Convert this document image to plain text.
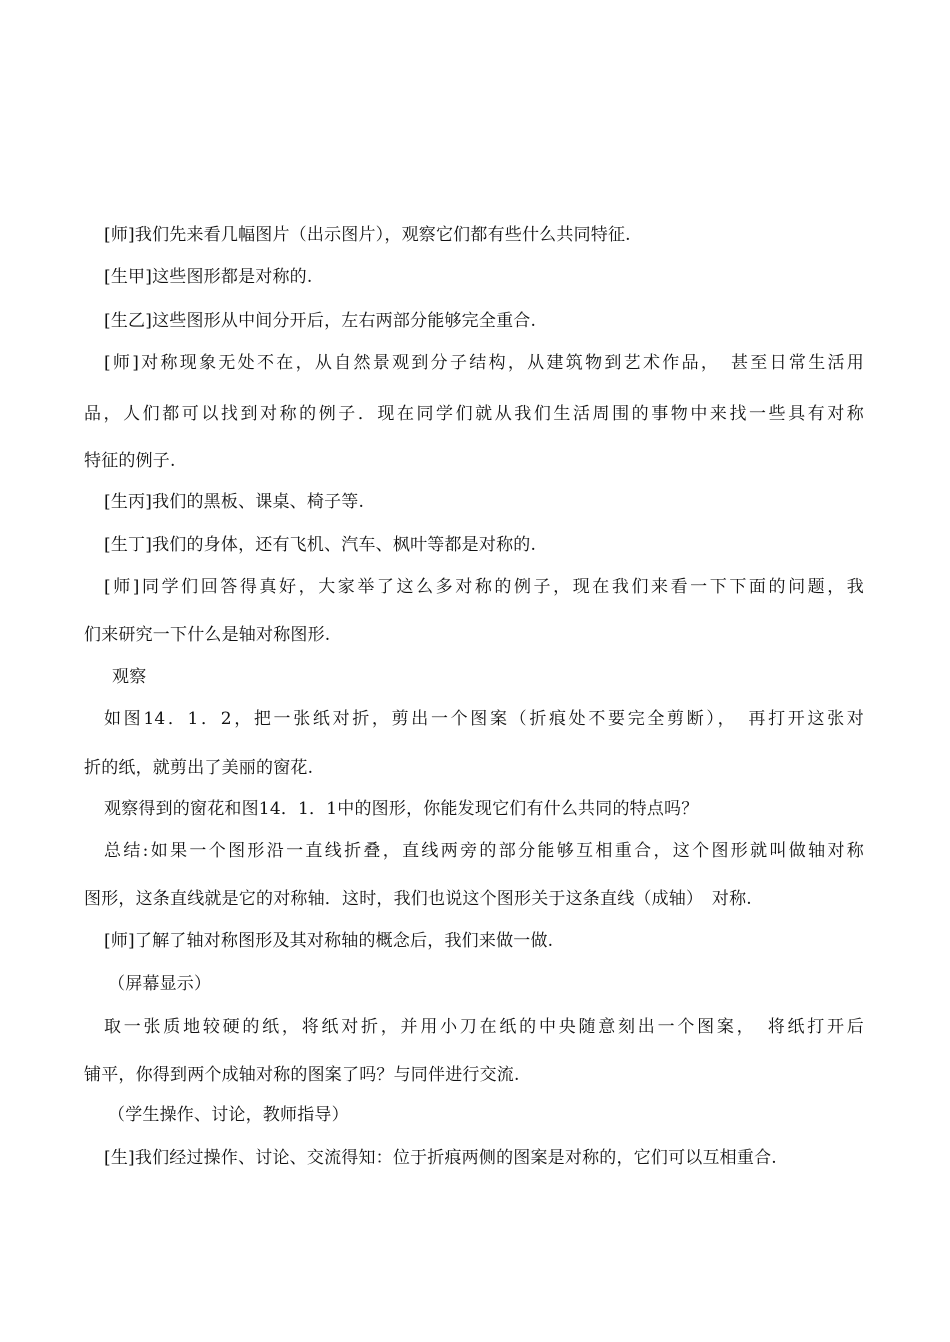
[师]我们先来看几幅图片（出示图片），观察它们都有些什么共同特征.
[生甲]这些图形都是对称的.
[生乙]这些图形从中间分开后，左右两部分能够完全重合.
[师]对称现象无处不在，从自然景观到分子结构，从建筑物到艺术作品，　甚至日常生活用
品，人们都可以找到对称的例子．现在同学们就从我们生活周围的事物中来找一些具有对称
特征的例子.
[生丙]我们的黑板、课桌、椅子等.
[生丁]我们的身体，还有飞机、汽车、枫叶等都是对称的.
[师]同学们回答得真好，大家举了这么多对称的例子，现在我们来看一下下面的问题，我
们来研究一下什么是轴对称图形.
观察
如图14．1．2，把一张纸对折，剪出一个图案（折痕处不要完全剪断），　再打开这张对
折的纸，就剪出了美丽的窗花.
观察得到的窗花和图14．1．1中的图形，你能发现它们有什么共同的特点吗？
总结:如果一个图形沿一直线折叠，直线两旁的部分能够互相重合，这个图形就叫做轴对称
图形，这条直线就是它的对称轴．这时，我们也说这个图形关于这条直线（成轴）　对称.
[师]了解了轴对称图形及其对称轴的概念后，我们来做一做.
（屏幕显示）
取一张质地较硬的纸，将纸对折，并用小刀在纸的中央随意刻出一个图案，　将纸打开后
铺平，你得到两个成轴对称的图案了吗？与同伴进行交流.
（学生操作、讨论，教师指导）
[生]我们经过操作、讨论、交流得知：位于折痕两侧的图案是对称的，它们可以互相重合.
